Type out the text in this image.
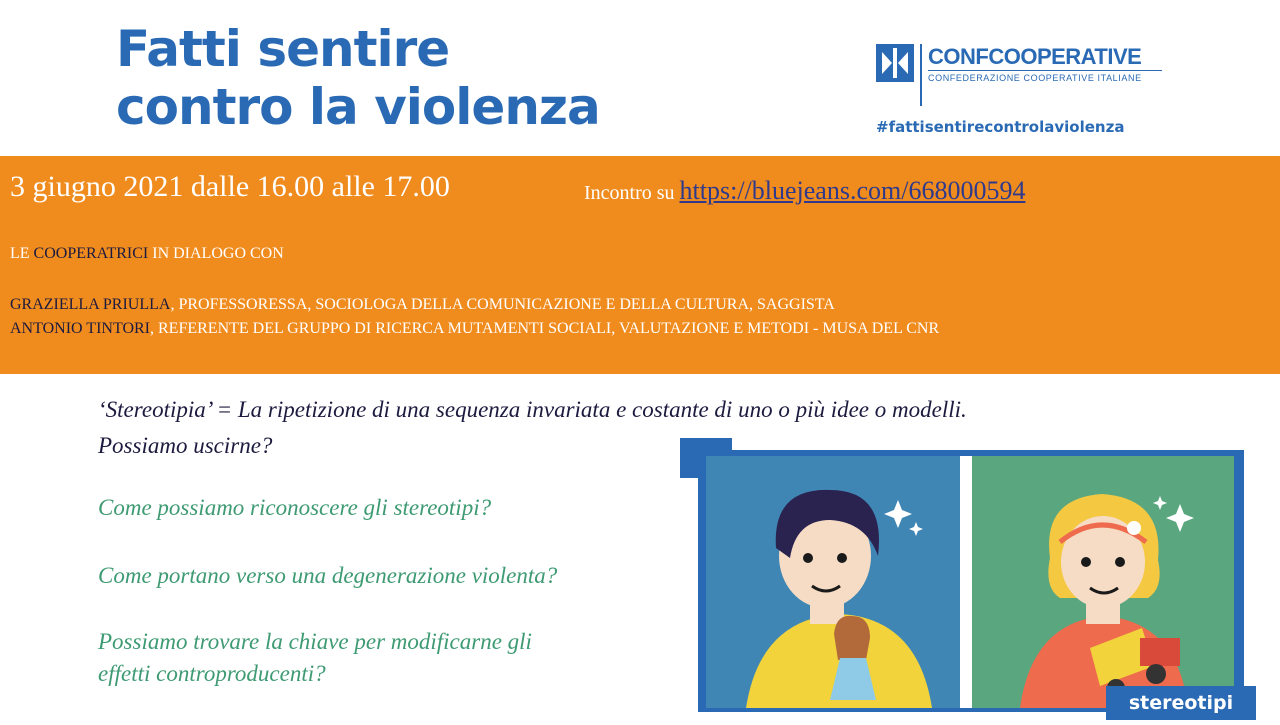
Fatti sentire
contro la violenza
CONFCOOPERATIVE
CONFEDERAZIONE COOPERATIVE ITALIANE
#fattisentirecontrolaviolenza
3 giugno 2021 dalle 16.00 alle 17.00	Incontro su https://bluejeans.com/668000594
LE COOPERATRICI IN DIALOGO CON
GRAZIELLA PRIULLA, PROFESSORESSA, SOCIOLOGA DELLA COMUNICAZIONE E DELLA CULTURA, SAGGISTA
ANTONIO TINTORI, REFERENTE DEL GRUPPO DI RICERCA MUTAMENTI SOCIALI, VALUTAZIONE E METODI - MUSA DEL CNR
‘Stereotipia’ = La ripetizione di una sequenza invariata e costante di uno o più idee o modelli.
Possiamo uscirne?
Come possiamo riconoscere gli stereotipi?
Come portano verso una degenerazione violenta?
Possiamo trovare la chiave per modificarne gli
effetti controproducenti?
stereotipi
